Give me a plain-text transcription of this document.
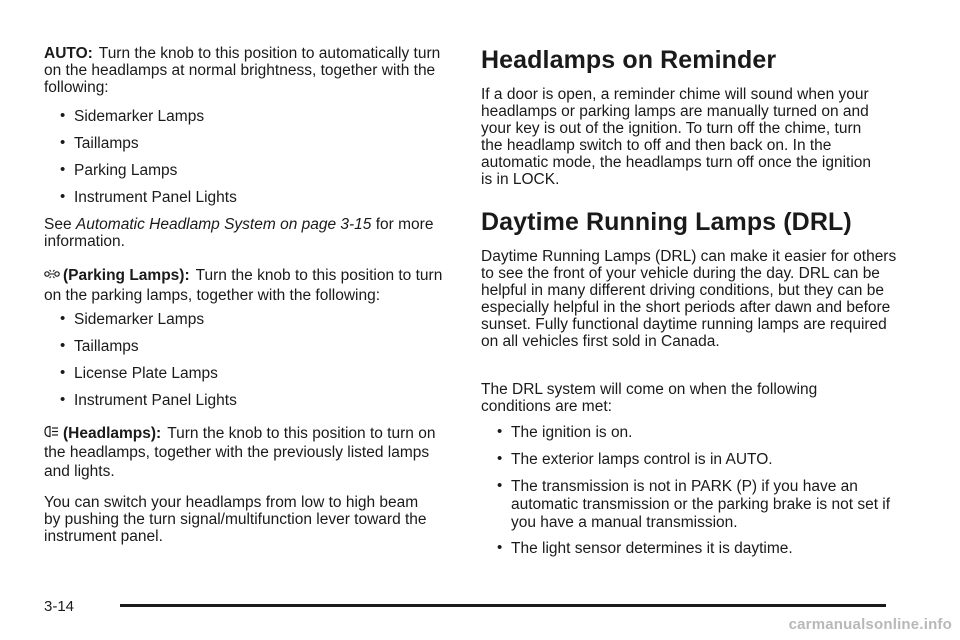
AUTO: Turn the knob to this position to automatically turn on the headlamps at normal brightness, together with the following:

• Sidemarker Lamps
• Taillamps
• Parking Lamps
• Instrument Panel Lights

See Automatic Headlamp System on page 3-15 for more information.

(Parking Lamps): Turn the knob to this position to turn on the parking lamps, together with the following:

• Sidemarker Lamps
• Taillamps
• License Plate Lamps
• Instrument Panel Lights

(Headlamps): Turn the knob to this position to turn on the headlamps, together with the previously listed lamps and lights.

You can switch your headlamps from low to high beam by pushing the turn signal/multifunction lever toward the instrument panel.

Headlamps on Reminder

If a door is open, a reminder chime will sound when your headlamps or parking lamps are manually turned on and your key is out of the ignition. To turn off the chime, turn the headlamp switch to off and then back on. In the automatic mode, the headlamps turn off once the ignition is in LOCK.

Daytime Running Lamps (DRL)

Daytime Running Lamps (DRL) can make it easier for others to see the front of your vehicle during the day. DRL can be helpful in many different driving conditions, but they can be especially helpful in the short periods after dawn and before sunset. Fully functional daytime running lamps are required on all vehicles first sold in Canada.

The DRL system will come on when the following conditions are met:

• The ignition is on.
• The exterior lamps control is in AUTO.
• The transmission is not in PARK (P) if you have an automatic transmission or the parking brake is not set if you have a manual transmission.
• The light sensor determines it is daytime.
3-14
carmanualsonline.info
